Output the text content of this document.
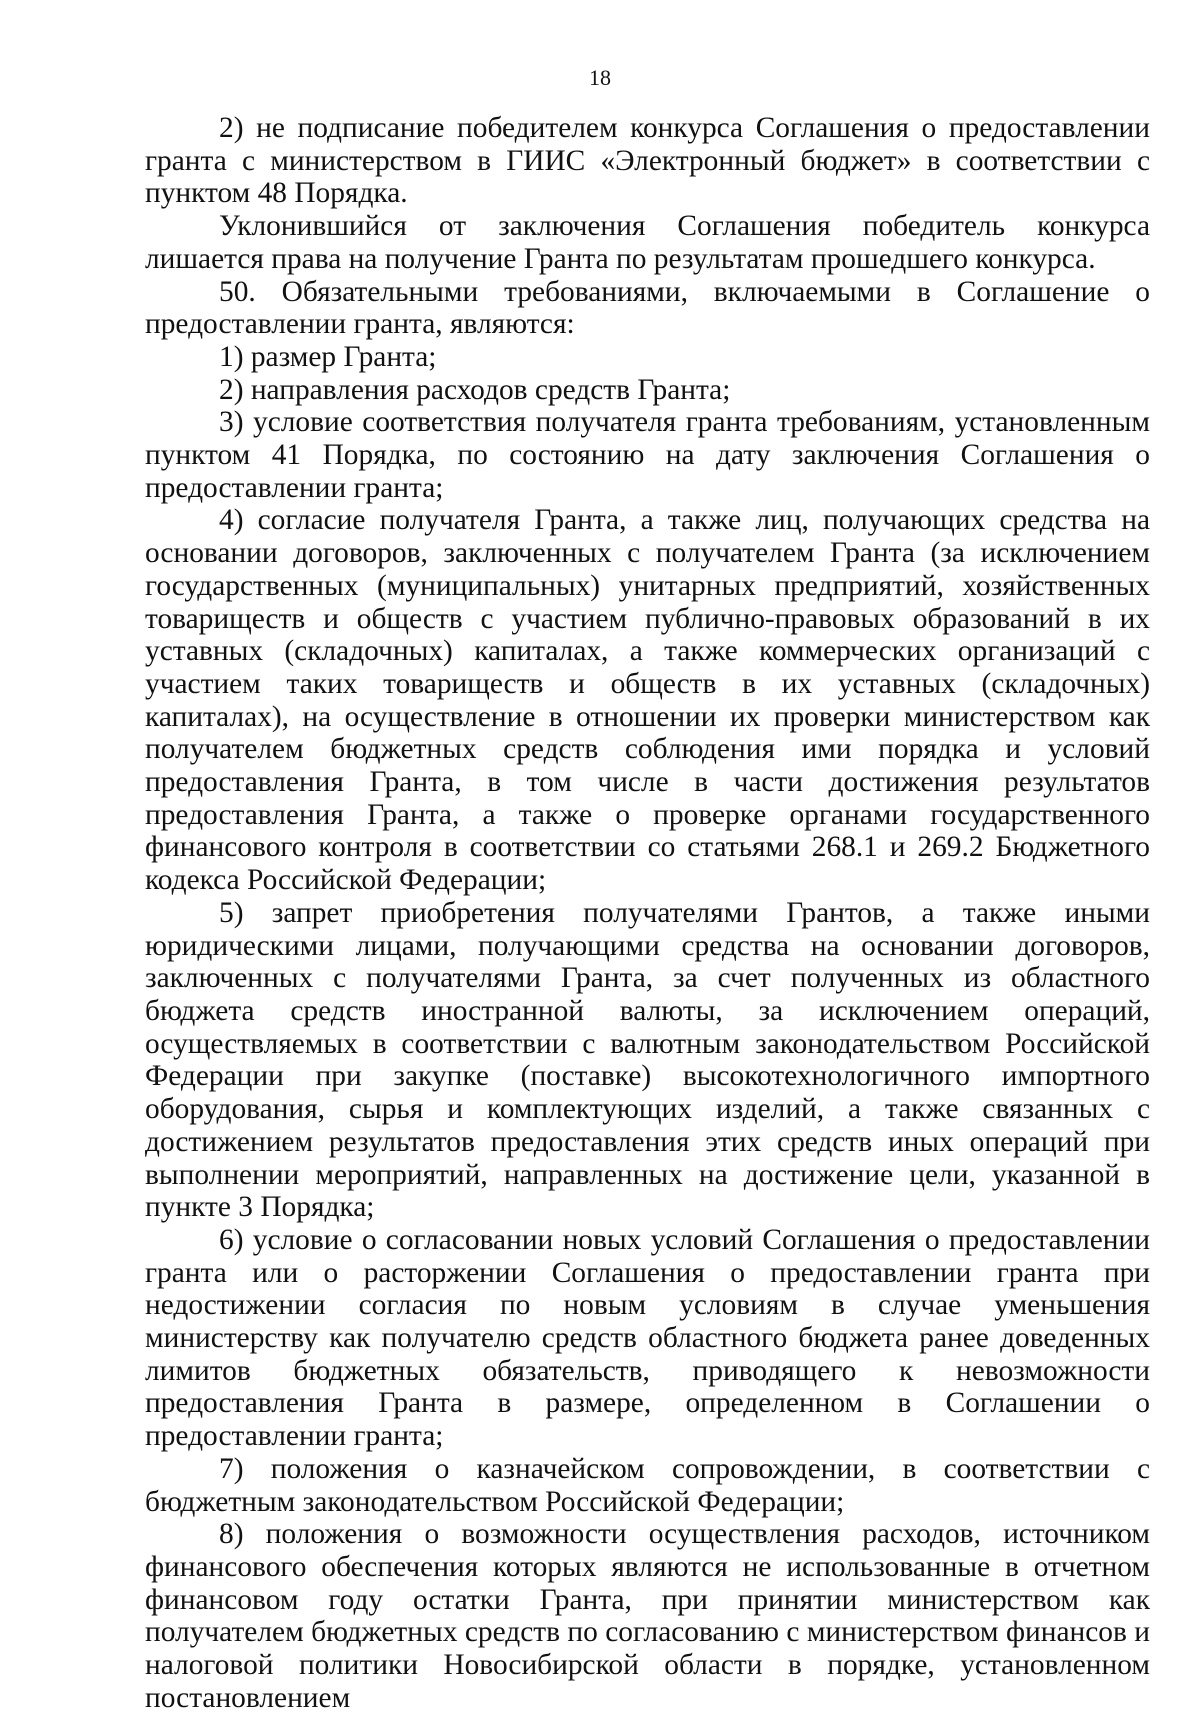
18

2) не подписание победителем конкурса Соглашения о предоставлении гранта с министерством в ГИИС «Электронный бюджет» в соответствии с пунктом 48 Порядка.

Уклонившийся от заключения Соглашения победитель конкурса лишается права на получение Гранта по результатам прошедшего конкурса.

50. Обязательными требованиями, включаемыми в Соглашение о предоставлении гранта, являются:

1) размер Гранта;

2) направления расходов средств Гранта;

3) условие соответствия получателя гранта требованиям, установленным пунктом 41 Порядка, по состоянию на дату заключения Соглашения о предоставлении гранта;

4) согласие получателя Гранта, а также лиц, получающих средства на основании договоров, заключенных с получателем Гранта (за исключением государственных (муниципальных) унитарных предприятий, хозяйственных товариществ и обществ с участием публично-правовых образований в их уставных (складочных) капиталах, а также коммерческих организаций с участием таких товариществ и обществ в их уставных (складочных) капиталах), на осуществление в отношении их проверки министерством как получателем бюджетных средств соблюдения ими порядка и условий предоставления Гранта, в том числе в части достижения результатов предоставления Гранта, а также о проверке органами государственного финансового контроля в соответствии со статьями 268.1 и 269.2 Бюджетного кодекса Российской Федерации;

5) запрет приобретения получателями Грантов, а также иными юридическими лицами, получающими средства на основании договоров, заключенных с получателями Гранта, за счет полученных из областного бюджета средств иностранной валюты, за исключением операций, осуществляемых в соответствии с валютным законодательством Российской Федерации при закупке (поставке) высокотехнологичного импортного оборудования, сырья и комплектующих изделий, а также связанных с достижением результатов предоставления этих средств иных операций при выполнении мероприятий, направленных на достижение цели, указанной в пункте 3 Порядка;

6) условие о согласовании новых условий Соглашения о предоставлении гранта или о расторжении Соглашения о предоставлении гранта при недостижении согласия по новым условиям в случае уменьшения министерству как получателю средств областного бюджета ранее доведенных лимитов бюджетных обязательств, приводящего к невозможности предоставления Гранта в размере, определенном в Соглашении о предоставлении гранта;

7) положения о казначейском сопровождении, в соответствии с бюджетным законодательством Российской Федерации;

8) положения о возможности осуществления расходов, источником финансового обеспечения которых являются не использованные в отчетном финансовом году остатки Гранта, при принятии министерством как получателем бюджетных средств по согласованию с министерством финансов и налоговой политики Новосибирской области в порядке, установленном постановлением
